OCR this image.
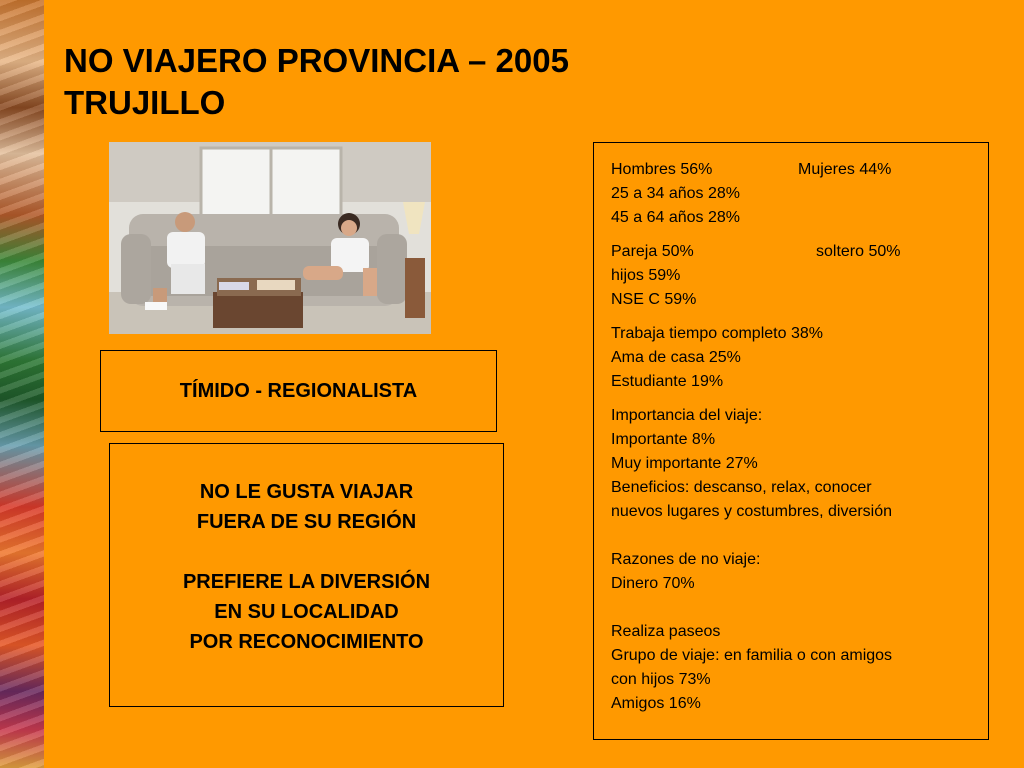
NO VIAJERO PROVINCIA – 2005
TRUJILLO
TÍMIDO - REGIONALISTA

NO LE GUSTA VIAJAR

FUERA DE SU REGIÓN

PREFIERE LA DIVERSIÓN

EN SU LOCALIDAD

POR RECONOCIMIENTO

Hombres 56%	Mujeres 44%
25 a 34 años 28%
45 a 64 años 28%
Pareja 50%	soltero 50%
hijos 59%
NSE C 59%
Trabaja tiempo completo 38%
Ama de casa 25%
Estudiante 19%
Importancia del viaje:
Importante 8%
Muy importante 27%
Beneficios: descanso, relax, conocer
nuevos lugares y costumbres, diversión
Razones de no viaje:
Dinero 70%
Realiza paseos
Grupo de viaje: en familia o con amigos
con hijos 73%
Amigos 16%
